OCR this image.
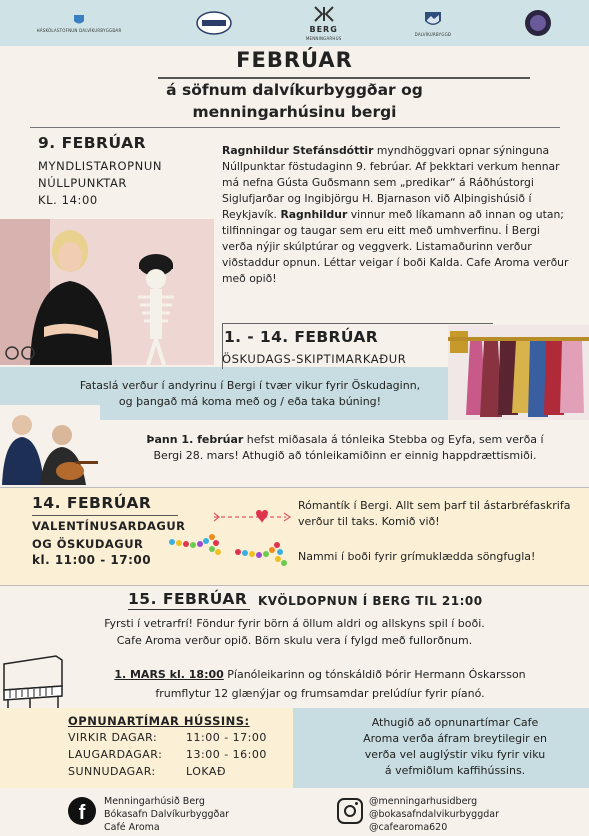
HÁSKÓLASTOFNUN DALVÍKURBYGGÐAR	BERG
MENNINGARHÚS
DALVÍKURBYGGÐ
FEBRÚAR
á söfnum dalvíkurbyggðar og
menningarhúsinu bergi
9. FEBRÚAR
MYNDLISTAROPNUN
NÚLLPUNKTAR
KL. 14:00
Ragnhildur Stefánsdóttir myndhöggvari opnar sýninguna Núllpunktar föstudaginn 9. febrúar. Af þekktari verkum hennar má nefna Gústa Guðsmann sem „predikar“ á Ráðhústorgi Siglufjarðar og Ingibjörgu H. Bjarnason við Alþingishúsið í Reykjavík. Ragnhildur vinnur með líkamann að innan og utan; tilfinningar og taugar sem eru eitt með umhverfinu. Í Bergi verða nýjir skúlptúrar og veggverk. Listamaðurinn verður viðstaddur opnun. Léttar veigar í boði Kalda. Cafe Aroma verður með opið!
1. - 14. FEBRÚAR
ÖSKUDAGS-SKIPTIMARKAÐUR
Fataslá verður í andyrinu í Bergi í tvær vikur fyrir Öskudaginn,
og þangað má koma með og / eða taka búning!
Þann 1. febrúar hefst miðasala á tónleika Stebba og Eyfa, sem verða í
Bergi 28. mars! Athugið að tónleikamiðinn er einnig happdrættismiði.
14. FEBRÚAR
VALENTÍNUSARDAGUR
OG ÖSKUDAGUR
kl. 11:00 - 17:00
Rómantík í Bergi. Allt sem þarf til ástarbréfaskrifa verður til taks. Komið við!
Nammi í boði fyrir grímuklædda söngfugla!
15. FEBRÚAR KVÖLDOPNUN Í BERG TIL 21:00
Fyrsti í vetrarfrí! Föndur fyrir börn á öllum aldri og allskyns spil í boði.
Cafe Aroma verður opið. Börn skulu vera í fylgd með fullorðnum.
1. MARS kl. 18:00 Píanóleikarinn og tónskáldið Þórir Hermann Óskarsson
frumflytur 12 glænýjar og frumsamdar prelúdíur fyrir píanó.
OPNUNARTÍMAR HÚSSINS:
VIRKIR DAGAR:	11:00 - 17:00
LAUGARDAGAR: 13:00 - 16:00
SUNNUDAGAR:	LOKAÐ
Athugið að opnunartímar Cafe
Aroma verða áfram breytilegir en
verða vel auglýstir viku fyrir viku
á vefmiðlum kaffihússins.
f
Menningarhúsið Berg
Bókasafn Dalvíkurbyggðar
Café Aroma
@menningarhusidberg
@bokasafndalvikurbyggdar
@cafearoma620
